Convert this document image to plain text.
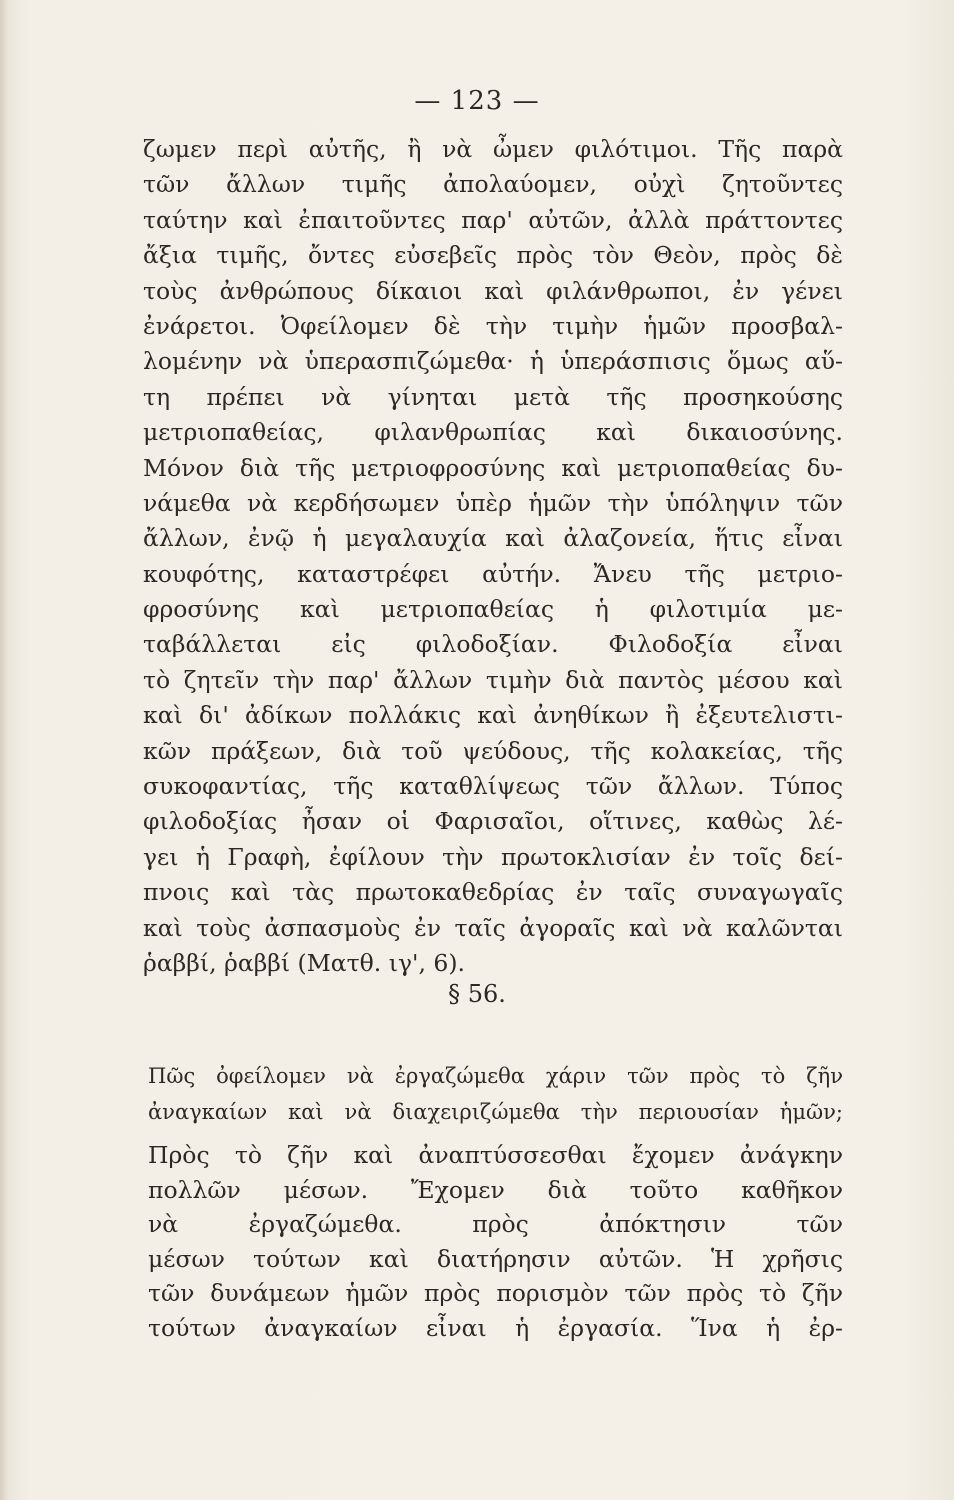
— 123 —
ζωμεν περὶ αὐτῆς, ἢ νὰ ὦμεν φιλότιμοι. Τῆς παρὰ
τῶν ἄλλων τιμῆς ἀπολαύομεν, οὐχὶ ζητοῦντες
ταύτην καὶ ἐπαιτοῦντες παρ' αὐτῶν, ἀλλὰ πράττοντες
ἄξια τιμῆς, ὄντες εὐσεβεῖς πρὸς τὸν Θεὸν, πρὸς δὲ
τοὺς ἀνθρώπους δίκαιοι καὶ φιλάνθρωποι, ἐν γένει
ἐνάρετοι. Ὀφείλομεν δὲ τὴν τιμὴν ἡμῶν προσβαλ-
λομένην νὰ ὑπερασπιζώμεθα· ἡ ὑπεράσπισις ὅμως αὕ-
τη πρέπει νὰ γίνηται μετὰ τῆς προσηκούσης
μετριοπαθείας, φιλανθρωπίας καὶ δικαιοσύνης.
Μόνον διὰ τῆς μετριοφροσύνης καὶ μετριοπαθείας δυ-
νάμεθα νὰ κερδήσωμεν ὑπὲρ ἡμῶν τὴν ὑπόληψιν τῶν
ἄλλων, ἐνῷ ἡ μεγαλαυχία καὶ ἀλαζονεία, ἥτις εἶναι
κουφότης, καταστρέφει αὐτήν. Ἄνευ τῆς μετριο-
φροσύνης καὶ μετριοπαθείας ἡ φιλοτιμία με-
ταβάλλεται εἰς φιλοδοξίαν. Φιλοδοξία εἶναι
τὸ ζητεῖν τὴν παρ' ἄλλων τιμὴν διὰ παντὸς μέσου καὶ
καὶ δι' ἀδίκων πολλάκις καὶ ἀνηθίκων ἢ ἐξευτελιστι-
κῶν πράξεων, διὰ τοῦ ψεύδους, τῆς κολακείας, τῆς
συκοφαντίας, τῆς καταθλίψεως τῶν ἄλλων. Τύπος
φιλοδοξίας ἦσαν οἱ Φαρισαῖοι, οἵτινες, καθὼς λέ-
γει ἡ Γραφὴ, ἐφίλουν τὴν πρωτοκλισίαν ἐν τοῖς δεί-
πνοις καὶ τὰς πρωτοκαθεδρίας ἐν ταῖς συναγωγαῖς
καὶ τοὺς ἀσπασμοὺς ἐν ταῖς ἀγοραῖς καὶ νὰ καλῶνται
ῥαββί, ῥαββί (Ματθ. ιγ', 6).
§ 56.
Πῶς ὀφείλομεν νὰ ἐργαζώμεθα χάριν τῶν πρὸς τὸ ζῆν
ἀναγκαίων καὶ νὰ διαχειριζώμεθα τὴν περιουσίαν ἡμῶν;
Πρὸς τὸ ζῆν καὶ ἀναπτύσσεσθαι ἔχομεν ἀνάγκην
πολλῶν μέσων. Ἔχομεν διὰ τοῦτο καθῆκον
νὰ ἐργαζώμεθα. πρὸς ἀπόκτησιν τῶν
μέσων τούτων καὶ διατήρησιν αὐτῶν. Ἡ χρῆσις
τῶν δυνάμεων ἡμῶν πρὸς πορισμὸν τῶν πρὸς τὸ ζῆν
τούτων ἀναγκαίων εἶναι ἡ ἐργασία. Ἵνα ἡ ἐρ-
